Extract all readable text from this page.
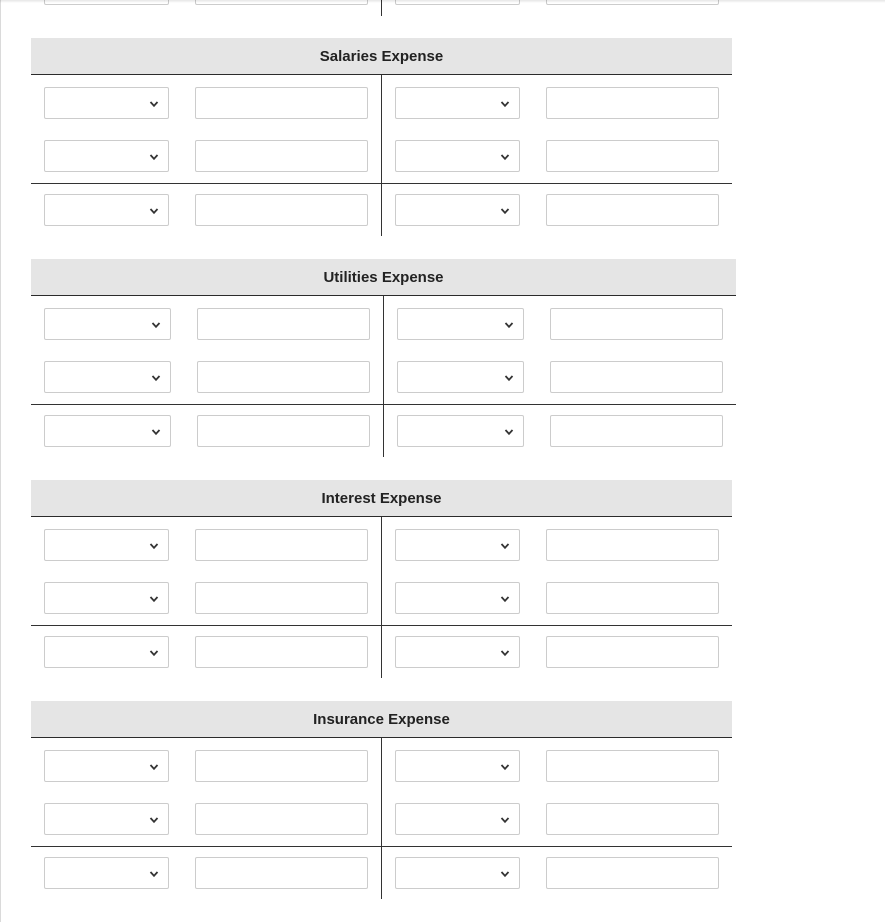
Salaries Expense
Utilities Expense
Interest Expense
Insurance Expense
